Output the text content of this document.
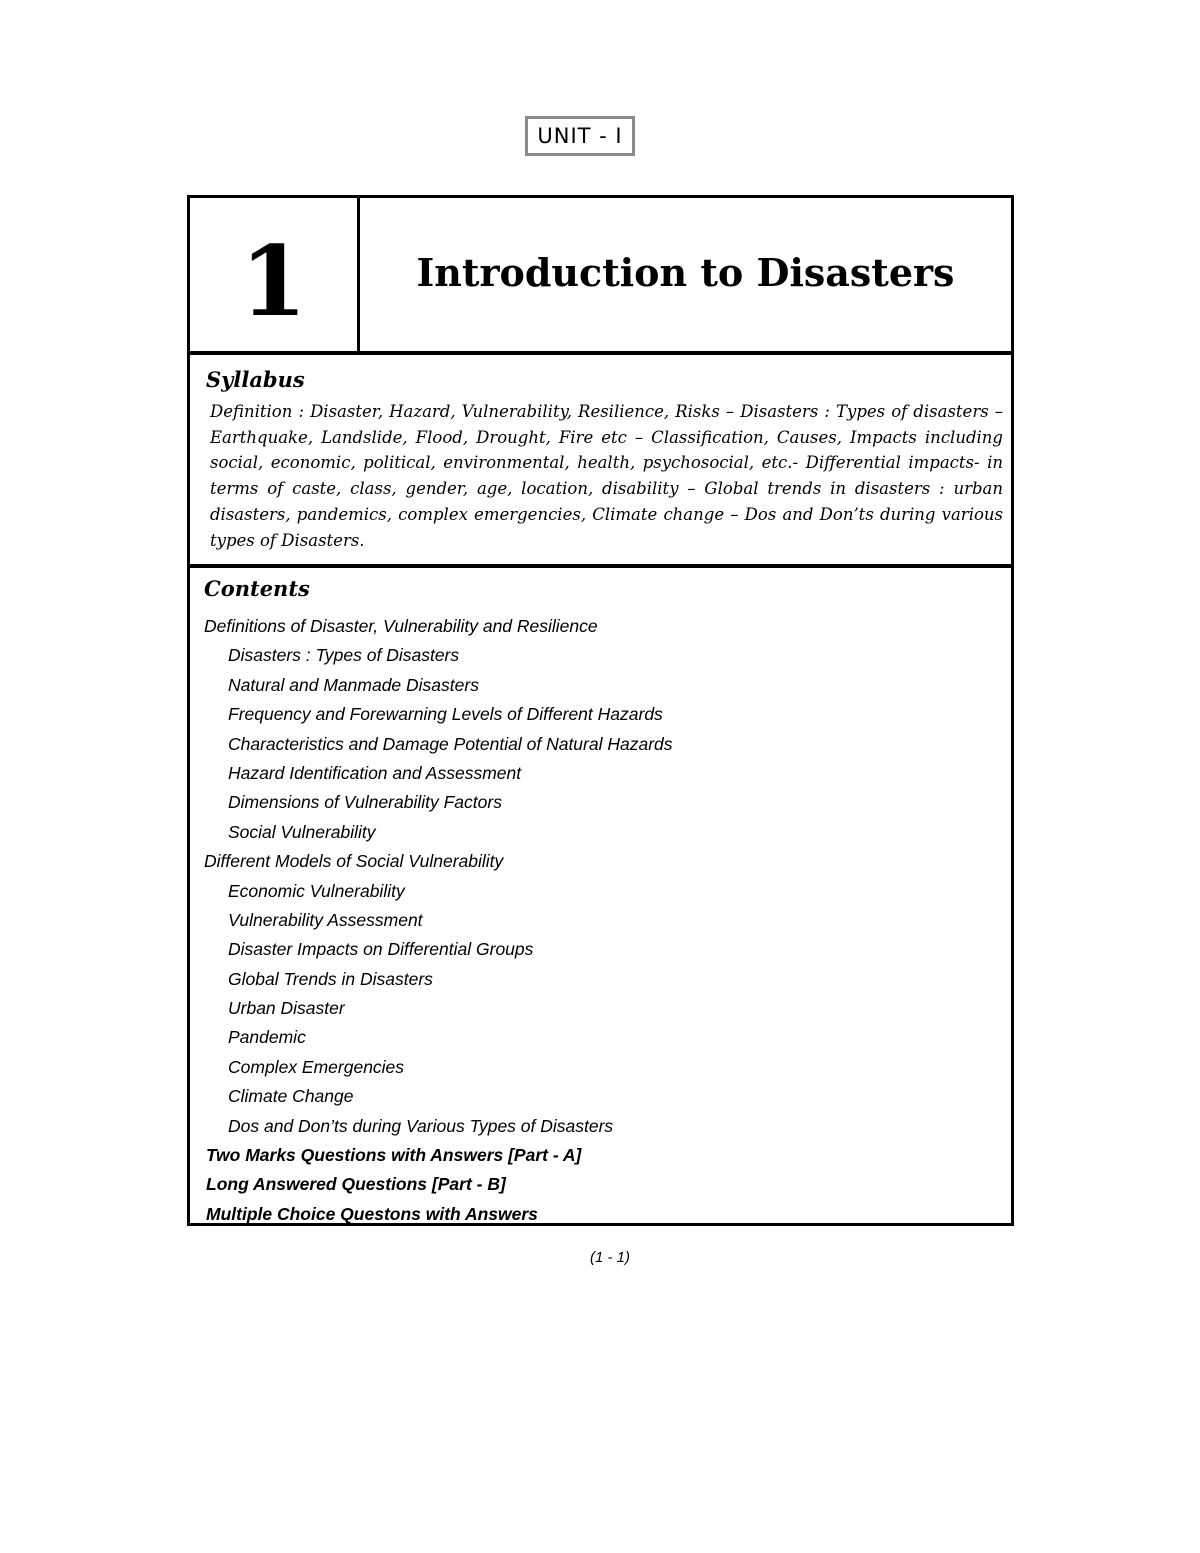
UNIT - I
1	Introduction to Disasters
Syllabus

Definition : Disaster, Hazard, Vulnerability, Resilience, Risks – Disasters : Types of disasters – Earthquake, Landslide, Flood, Drought, Fire etc – Classification, Causes, Impacts including social, economic, political, environmental, health, psychosocial, etc.- Differential impacts- in terms of caste, class, gender, age, location, disability – Global trends in disasters : urban disasters, pandemics, complex emergencies, Climate change – Dos and Don’ts during various types of Disasters.

Contents
Definitions of Disaster, Vulnerability and Resilience
Disasters : Types of Disasters
Natural and Manmade Disasters
Frequency and Forewarning Levels of Different Hazards
Characteristics and Damage Potential of Natural Hazards
Hazard Identification and Assessment
Dimensions of Vulnerability Factors
Social Vulnerability
Different Models of Social Vulnerability
Economic Vulnerability
Vulnerability Assessment
Disaster Impacts on Differential Groups
Global Trends in Disasters
Urban Disaster
Pandemic
Complex Emergencies
Climate Change
Dos and Don’ts during Various Types of Disasters
Two Marks Questions with Answers [Part - A]
Long Answered Questions [Part - B]
Multiple Choice Questons with Answers
(1 - 1)
